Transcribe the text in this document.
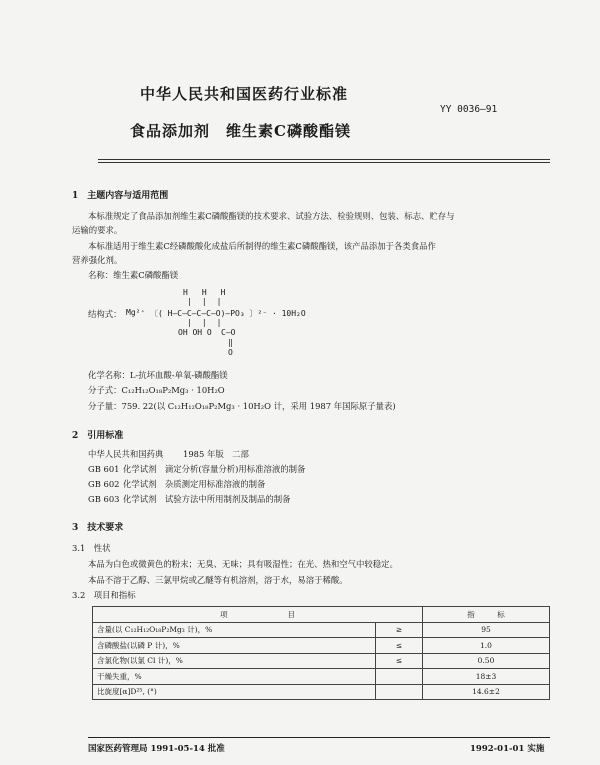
中华人民共和国医药行业标准
YY 0036—91
食品添加剂　维生素C磷酸酯镁
1　主题内容与适用范围
本标准规定了食品添加剂维生素C磷酸酯镁的技术要求、试验方法、检验规则、包装、标志、贮存与
运输的要求。
本标准适用于维生素C经磷酸酸化成盐后所制得的维生素C磷酸酯镁，该产品添加于各类食品作
营养强化剂。
名称：维生素C磷酸酯镁
H　H　H
|||
结构式： Mg²⁺ 〔( H—C—C—C—C—O)—PO₃ 〕²⁻ · 10H₂O
|||
OH OH O C—O
‖
O
化学名称：L-抗坏血酸-单氧-磷酸酯镁
分子式：C₁₂H₁₂O₁₈P₂Mg₃ · 10H₂O
分子量：759. 22(以 C₁₂H₁₂O₁₈P₂Mg₃ · 10H₂O 计，采用 1987 年国际原子量表)
2　引用标准
中华人民共和国药典 1985 年版　二部
GB 601 化学试剂　滴定分析(容量分析)用标准溶液的制备
GB 602 化学试剂　杂质测定用标准溶液的制备
GB 603 化学试剂　试验方法中所用制剂及制品的制备
3　技术要求
3.1　性状
本品为白色或微黄色的粉末；无臭、无味；具有吸湿性；在光、热和空气中较稳定。
本品不溶于乙醇、三氯甲烷或乙醚等有机溶剂，溶于水，易溶于稀酸。
3.2　项目和指标
项　　　　　　　　目		指　　　标
含量(以 C₁₂H₁₂O₁₈P₂Mg₃ 计)，%	≥	95
含磷酸盐(以磷 P 计)，%	≤	1.0
含氯化物(以氯 Cl 计)，%	≤	0.50
干燥失重，%		18±3
比旋度[α]D²⁵, (°)		14.6±2
国家医药管理局 1991-05-14 批准	1992-01-01 实施
